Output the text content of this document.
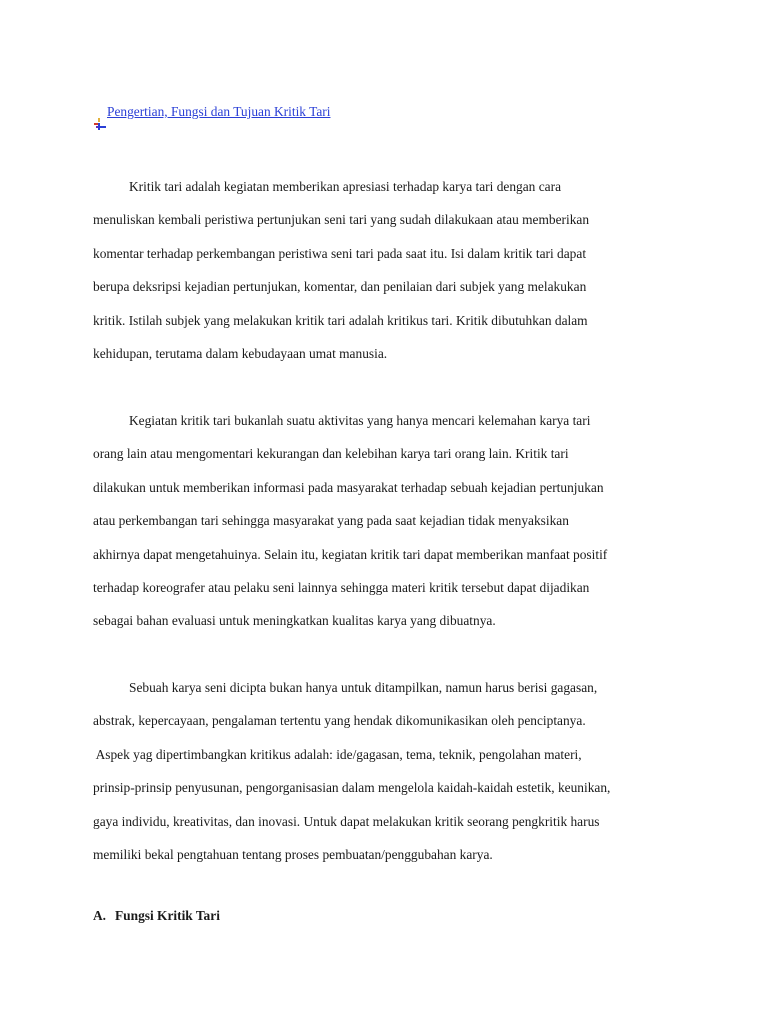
Pengertian, Fungsi dan Tujuan Kritik Tari

Kritik tari adalah kegiatan memberikan apresiasi terhadap karya tari dengan cara
menuliskan kembali peristiwa pertunjukan seni tari yang sudah dilakukaan atau memberikan
komentar terhadap perkembangan peristiwa seni tari pada saat itu. Isi dalam kritik tari dapat
berupa deksripsi kejadian pertunjukan, komentar, dan penilaian dari subjek yang melakukan
kritik. Istilah subjek yang melakukan kritik tari adalah kritikus tari. Kritik dibutuhkan dalam
kehidupan, terutama dalam kebudayaan umat manusia.

Kegiatan kritik tari bukanlah suatu aktivitas yang hanya mencari kelemahan karya tari
orang lain atau mengomentari kekurangan dan kelebihan karya tari orang lain. Kritik tari
dilakukan untuk memberikan informasi pada masyarakat terhadap sebuah kejadian pertunjukan
atau perkembangan tari sehingga masyarakat yang pada saat kejadian tidak menyaksikan
akhirnya dapat mengetahuinya. Selain itu, kegiatan kritik tari dapat memberikan manfaat positif
terhadap koreografer atau pelaku seni lainnya sehingga materi kritik tersebut dapat dijadikan
sebagai bahan evaluasi untuk meningkatkan kualitas karya yang dibuatnya.

Sebuah karya seni dicipta bukan hanya untuk ditampilkan, namun harus berisi gagasan,
abstrak, kepercayaan, pengalaman tertentu yang hendak dikomunikasikan oleh penciptanya.
Aspek yag dipertimbangkan kritikus adalah: ide/gagasan, tema, teknik, pengolahan materi,
prinsip-prinsip penyusunan, pengorganisasian dalam mengelola kaidah-kaidah estetik, keunikan,
gaya individu, kreativitas, dan inovasi. Untuk dapat melakukan kritik seorang pengkritik harus
memiliki bekal pengtahuan tentang proses pembuatan/penggubahan karya.

A. Fungsi Kritik Tari
